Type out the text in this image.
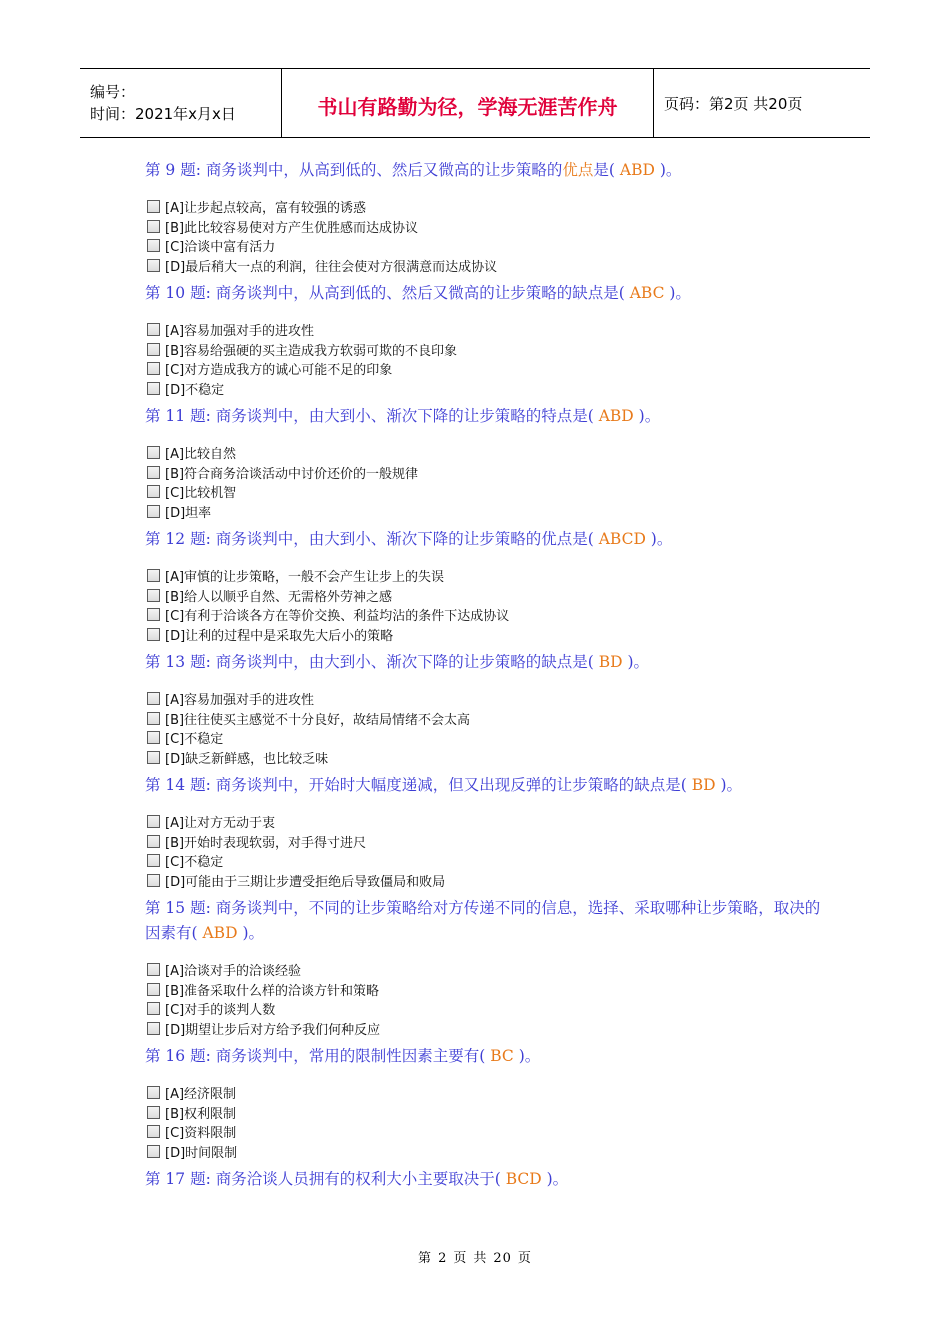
编号：
时间：2021年x月x日	书山有路勤为径，学海无涯苦作舟	页码：第2页 共20页

第 9 题: 商务谈判中，从高到低的、然后又微高的让步策略的优点是( ABD )。

[A]让步起点较高，富有较强的诱惑
[B]此比较容易使对方产生优胜感而达成协议
[C]洽谈中富有活力
[D]最后稍大一点的利润，往往会使对方很满意而达成协议

第 10 题: 商务谈判中，从高到低的、然后又微高的让步策略的缺点是( ABC )。

[A]容易加强对手的进攻性
[B]容易给强硬的买主造成我方软弱可欺的不良印象
[C]对方造成我方的诚心可能不足的印象
[D]不稳定

第 11 题: 商务谈判中，由大到小、渐次下降的让步策略的特点是( ABD )。

[A]比较自然
[B]符合商务洽谈活动中讨价还价的一般规律
[C]比较机智
[D]坦率

第 12 题: 商务谈判中，由大到小、渐次下降的让步策略的优点是( ABCD )。

[A]审慎的让步策略，一般不会产生让步上的失误
[B]给人以顺乎自然、无需格外劳神之感
[C]有利于洽谈各方在等价交换、利益均沾的条件下达成协议
[D]让利的过程中是采取先大后小的策略

第 13 题: 商务谈判中，由大到小、渐次下降的让步策略的缺点是( BD )。

[A]容易加强对手的进攻性
[B]往往使买主感觉不十分良好，故结局情绪不会太高
[C]不稳定
[D]缺乏新鲜感，也比较乏味

第 14 题: 商务谈判中，开始时大幅度递减，但又出现反弹的让步策略的缺点是( BD )。

[A]让对方无动于衷
[B]开始时表现软弱，对手得寸进尺
[C]不稳定
[D]可能由于三期让步遭受拒绝后导致僵局和败局

第 15 题: 商务谈判中，不同的让步策略给对方传递不同的信息，选择、采取哪种让步策略，取决的因素有( ABD )。

[A]洽谈对手的洽谈经验
[B]准备采取什么样的洽谈方针和策略
[C]对手的谈判人数
[D]期望让步后对方给予我们何种反应

第 16 题: 商务谈判中，常用的限制性因素主要有( BC )。

[A]经济限制
[B]权利限制
[C]资料限制
[D]时间限制

第 17 题: 商务洽谈人员拥有的权利大小主要取决于( BCD )。

第 2 页 共 20 页
